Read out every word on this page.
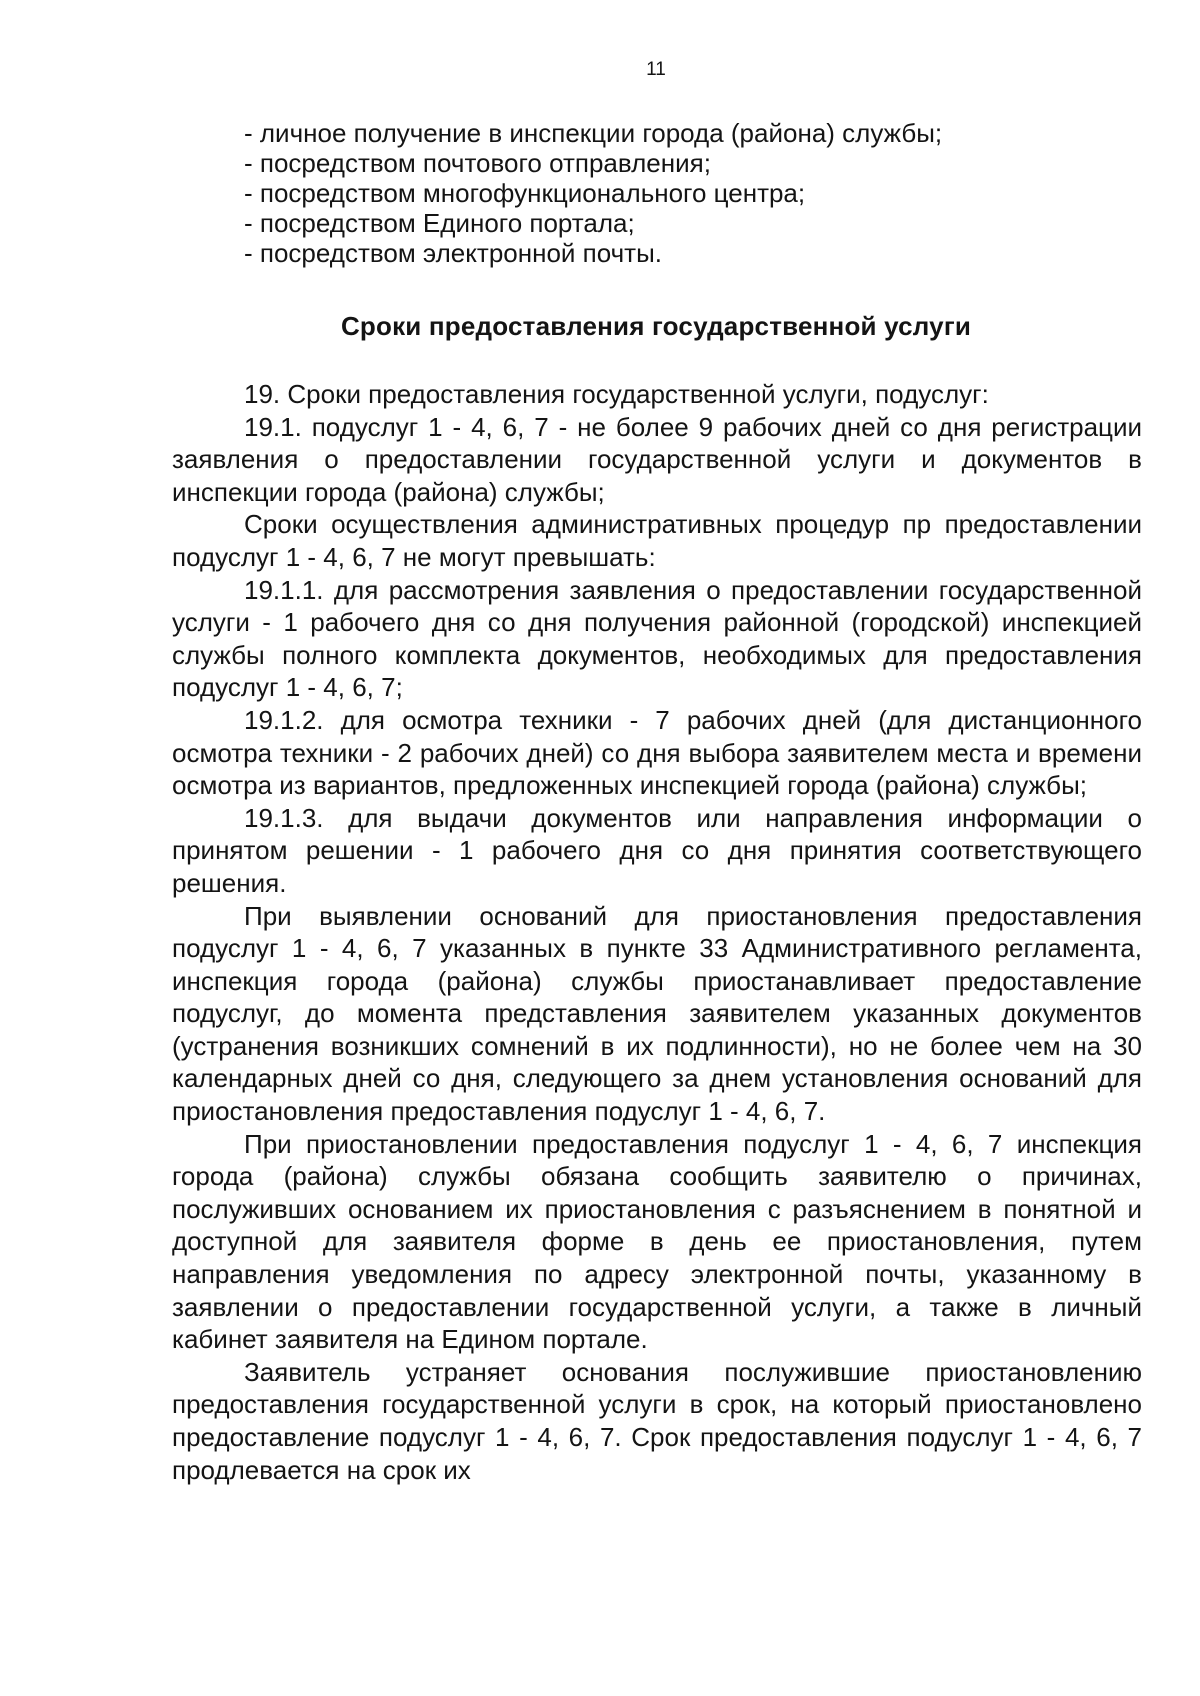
11
- личное получение в инспекции города (района) службы;
- посредством почтового отправления;
- посредством многофункционального центра;
- посредством Единого портала;
- посредством электронной почты.
Сроки предоставления государственной услуги

19. Сроки предоставления государственной услуги, подуслуг:

19.1. подуслуг 1 - 4, 6, 7 - не более 9 рабочих дней со дня регистрации заявления о предоставлении государственной услуги и документов в инспекции города (района) службы;

Сроки осуществления административных процедур пр предоставлении подуслуг 1 - 4, 6, 7 не могут превышать:

19.1.1. для рассмотрения заявления о предоставлении государственной услуги - 1 рабочего дня со дня получения районной (городской) инспекцией службы полного комплекта документов, необходимых для предоставления подуслуг 1 - 4, 6, 7;

19.1.2. для осмотра техники - 7 рабочих дней (для дистанционного осмотра техники - 2 рабочих дней) со дня выбора заявителем места и времени осмотра из вариантов, предложенных инспекцией города (района) службы;

19.1.3. для выдачи документов или направления информации о принятом решении - 1 рабочего дня со дня принятия соответствующего решения.

При выявлении оснований для приостановления предоставления подуслуг 1 - 4, 6, 7 указанных в пункте 33 Административного регламента, инспекция города (района) службы приостанавливает предоставление подуслуг, до момента представления заявителем указанных документов (устранения возникших сомнений в их подлинности), но не более чем на 30 календарных дней со дня, следующего за днем установления оснований для приостановления предоставления подуслуг 1 - 4, 6, 7.

При приостановлении предоставления подуслуг 1 - 4, 6, 7 инспекция города (района) службы обязана сообщить заявителю о причинах, послуживших основанием их приостановления с разъяснением в понятной и доступной для заявителя форме в день ее приостановления, путем направления уведомления по адресу электронной почты, указанному в заявлении о предоставлении государственной услуги, а также в личный кабинет заявителя на Едином портале.

Заявитель устраняет основания послужившие приостановлению предоставления государственной услуги в срок, на который приостановлено предоставление подуслуг 1 - 4, 6, 7. Срок предоставления подуслуг 1 - 4, 6, 7 продлевается на срок их
